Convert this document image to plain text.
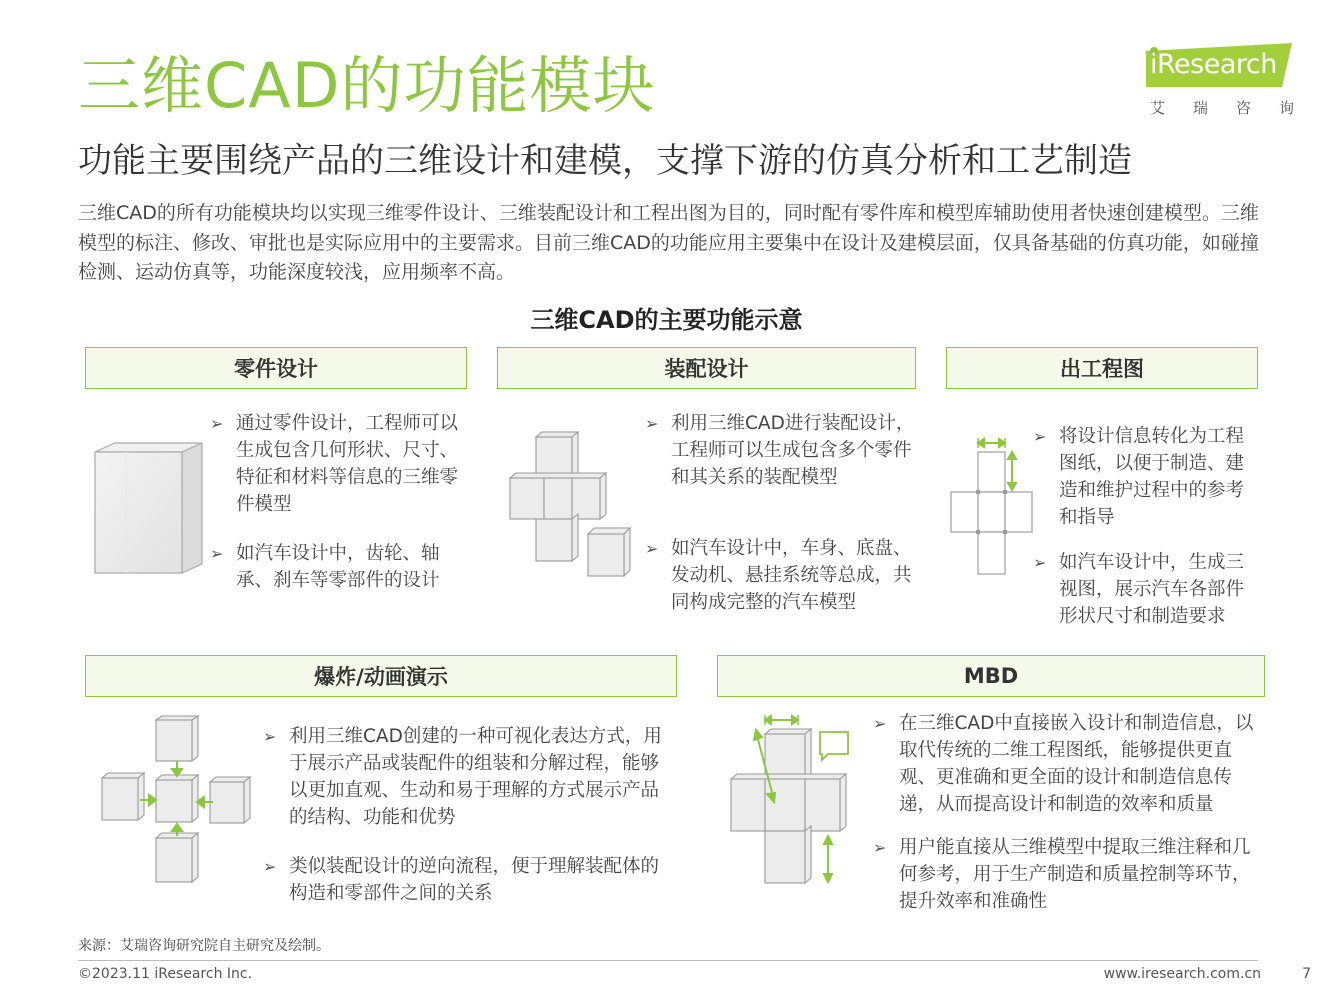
三维CAD的功能模块
功能主要围绕产品的三维设计和建模，支撑下游的仿真分析和工艺制造
三维CAD的所有功能模块均以实现三维零件设计、三维装配设计和工程出图为目的，同时配有零件库和模型库辅助使用者快速创建模型。三维模型的标注、修改、审批也是实际应用中的主要需求。目前三维CAD的功能应用主要集中在设计及建模层面，仅具备基础的仿真功能，如碰撞检测、运动仿真等，功能深度较浅，应用频率不高。
iResearch
艾 瑞 咨 询
三维CAD的主要功能示意
零件设计
➢ 通过零件设计，工程师可以生成包含几何形状、尺寸、特征和材料等信息的三维零件模型
➢ 如汽车设计中，齿轮、轴承、刹车等零部件的设计
装配设计
➢ 利用三维CAD进行装配设计，工程师可以生成包含多个零件和其关系的装配模型
➢ 如汽车设计中，车身、底盘、发动机、悬挂系统等总成，共同构成完整的汽车模型
出工程图
➢ 将设计信息转化为工程图纸，以便于制造、建造和维护过程中的参考和指导
➢ 如汽车设计中，生成三视图，展示汽车各部件形状尺寸和制造要求
爆炸/动画演示
➢ 利用三维CAD创建的一种可视化表达方式，用于展示产品或装配件的组装和分解过程，能够以更加直观、生动和易于理解的方式展示产品的结构、功能和优势
➢ 类似装配设计的逆向流程，便于理解装配体的构造和零部件之间的关系
MBD
➢ 在三维CAD中直接嵌入设计和制造信息，以取代传统的二维工程图纸，能够提供更直观、更准确和更全面的设计和制造信息传递，从而提高设计和制造的效率和质量
➢ 用户能直接从三维模型中提取三维注释和几何参考，用于生产制造和质量控制等环节，提升效率和准确性
来源：艾瑞咨询研究院自主研究及绘制。
©2023.11 iResearch Inc.	www.iresearch.com.cn	7
